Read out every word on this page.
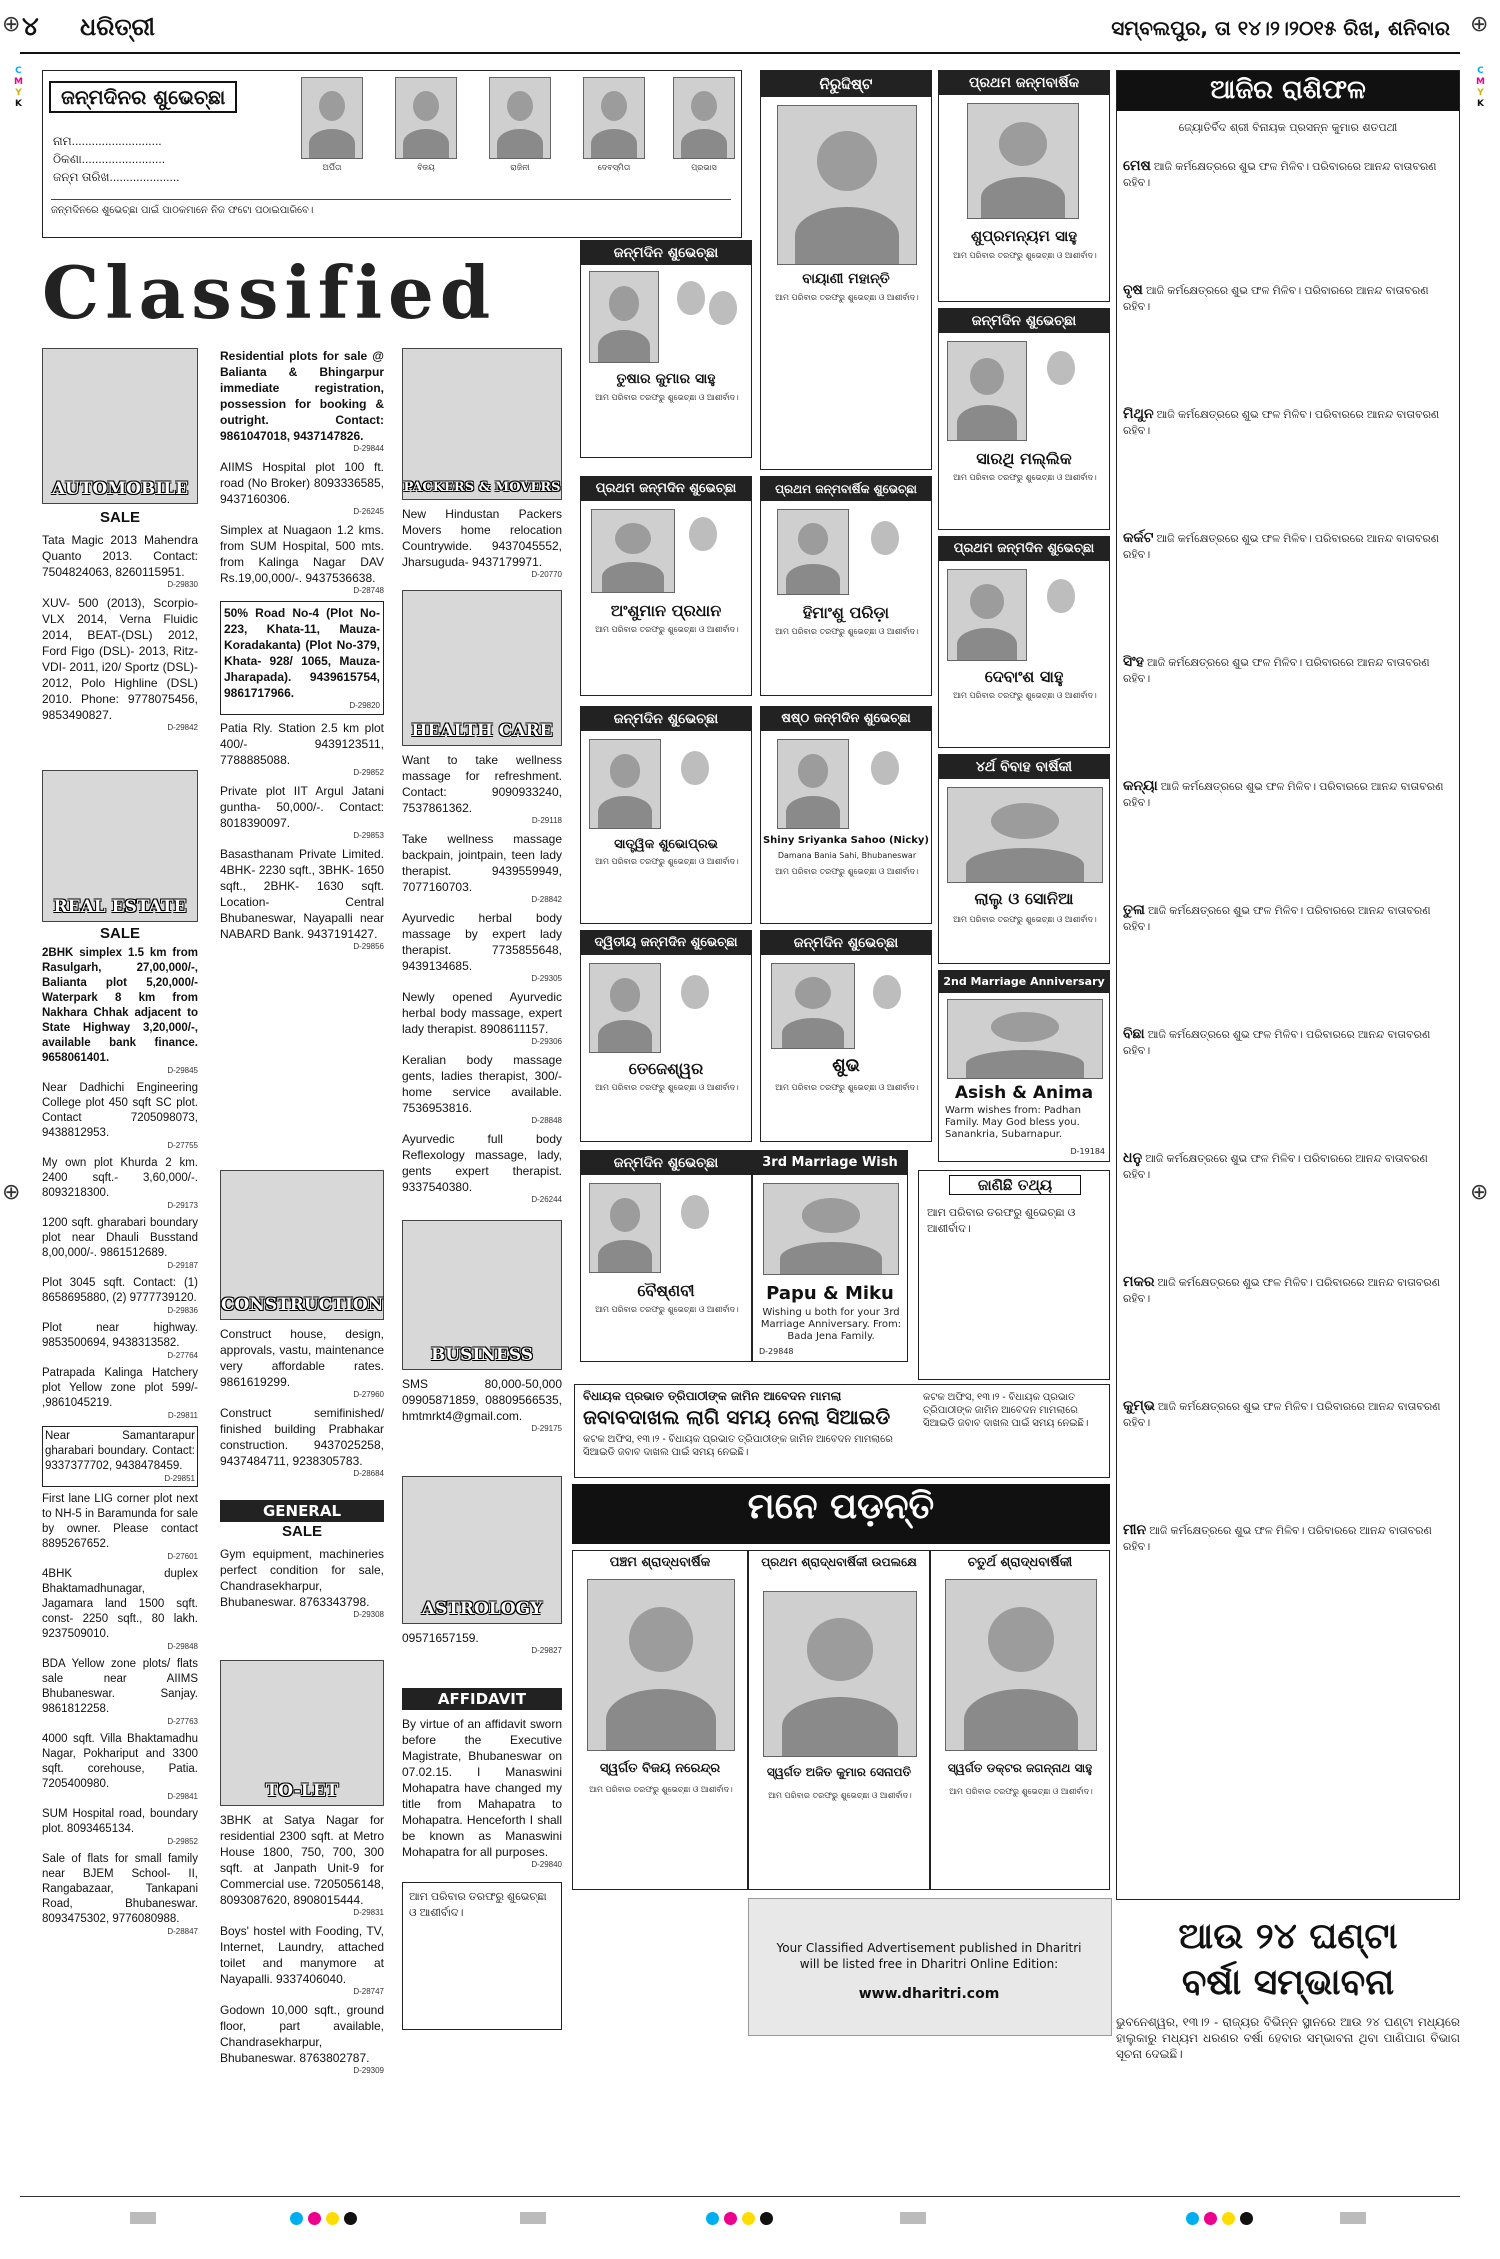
୪ ଧରିତ୍ରୀ	ସମ୍ବଲପୁର, ତା ୧୪।୨।୨୦୧୫ ରିଖ, ଶନିବାର
ଜନ୍ମଦିନର ଶୁଭେଚ୍ଛା
ନାମ...........................
ଠିକଣା.........................
ଜନ୍ମ ତାରିଖ.....................
ଅର୍ପିତା	ବିଜୟ	ରାଜିନୀ	ଦେବସ୍ମିତା	ପ୍ରଭାସ
ଜନ୍ମଦିନରେ ଶୁଭେଚ୍ଛା ପାଇଁ ପାଠକମାନେ ନିଜ ଫଟୋ ପଠାଇପାରିବେ।
Classified
AUTOMOBILE
SALE
Tata Magic 2013 Mahendra Quanto 2013. Contact: 7504824063, 8260115951.
D-29830
XUV- 500 (2013), Scorpio-VLX 2014, Verna Fluidic 2014, BEAT-(DSL) 2012, Ford Figo (DSL)- 2013, Ritz- VDI- 2011, i20/ Sportz (DSL)- 2012, Polo Highline (DSL) 2010. Phone: 9778075456, 9853490827.
D-29842
REAL ESTATE
SALE
2BHK simplex 1.5 km from Rasulgarh, 27,00,000/-, Balianta plot 5,20,000/- Waterpark 8 km from Nakhara Chhak adjacent to State Highway 3,20,000/-, available bank finance. 9658061401.
D-29845
Near Dadhichi Engineering College plot 450 sqft SC plot. Contact 7205098073, 9438812953.
D-27755
My own plot Khurda 2 km. 2400 sqft.- 3,60,000/-. 8093218300.
D-29173
1200 sqft. gharabari boundary plot near Dhauli Busstand 8,00,000/-. 9861512689.
D-29187
Plot 3045 sqft. Contact: (1) 8658695880, (2) 9777739120.
D-29836
Plot near highway. 9853500694, 9438313582.
D-27764
Patrapada Kalinga Hatchery plot Yellow zone plot 599/- ,9861045219.
D-29811
Near Samantarapur gharabari boundary. Contact: 9337377702, 9438478459.
D-29851
First lane LIG corner plot next to NH-5 in Baramunda for sale by owner. Please contact 8895267652.
D-27601
4BHK duplex Bhaktamadhunagar, Jagamara land 1500 sqft. const- 2250 sqft., 80 lakh. 9237509010.
D-29848
BDA Yellow zone plots/ flats sale near AIIMS Bhubaneswar. Sanjay. 9861812258.
D-27763
4000 sqft. Villa Bhaktamadhu Nagar, Pokhariput and 3300 sqft. corehouse, Patia. 7205400980.
D-29841
SUM Hospital road, boundary plot. 8093465134.
D-29852
Sale of flats for small family near BJEM School- II, Rangabazaar, Tankapani Road, Bhubaneswar. 8093475302, 9776080988.
D-28847
Residential plots for sale @ Balianta & Bhingarpur immediate registration, possession for booking & outright. Contact: 9861047018, 9437147826.
D-29844
AIIMS Hospital plot 100 ft. road (No Broker) 8093336585, 9437160306.
D-26245
Simplex at Nuagaon 1.2 kms. from SUM Hospital, 500 mts. from Kalinga Nagar DAV Rs.19,00,000/-. 9437536638.
D-28748
50% Road No-4 (Plot No-223, Khata-11, Mauza-Koradakanta) (Plot No-379, Khata- 928/ 1065, Mauza- Jharapada). 9439615754, 9861717966.
D-29820
Patia Rly. Station 2.5 km plot 400/- 9439123511, 7788885088.
D-29852
Private plot IIT Argul Jatani guntha- 50,000/-. Contact: 8018390097.
D-29853
Basasthanam Private Limited. 4BHK- 2230 sqft., 3BHK- 1650 sqft., 2BHK- 1630 sqft. Location- Central Bhubaneswar, Nayapalli near NABARD Bank. 9437191427.
D-29856
CONSTRUCTION
Construct house, design, approvals, vastu, maintenance very affordable rates. 9861619299.
D-27960
Construct semifinished/ finished building Prabhakar construction. 9437025258, 9437484711, 9238305783.
D-28684
GENERAL
SALE
Gym equipment, machineries perfect condition for sale, Chandrasekharpur, Bhubaneswar. 8763343798.
D-29308
TO-LET
3BHK at Satya Nagar for residential 2300 sqft. at Metro House 1800, 750, 700, 300 sqft. at Janpath Unit-9 for Commercial use. 7205056148, 8093087620, 8908015444.
D-29831
Boys' hostel with Fooding, TV, Internet, Laundry, attached toilet and manymore at Nayapalli. 9337406040.
D-28747
Godown 10,000 sqft., ground floor, part available, Chandrasekharpur, Bhubaneswar. 8763802787.
D-29309
PACKERS & MOVERS
New Hindustan Packers Movers home relocation Countrywide. 9437045552, Jharsuguda- 9437179971.
D-20770
HEALTH CARE
Want to take wellness massage for refreshment. Contact: 9090933240, 7537861362.
D-29118
Take wellness massage backpain, jointpain, teen lady therapist. 9439559949, 7077160703.
D-28842
Ayurvedic herbal body massage by expert lady therapist. 7735855648, 9439134685.
D-29305
Newly opened Ayurvedic herbal body massage, expert lady therapist. 8908611157.
D-29306
Keralian body massage gents, ladies therapist, 300/- home service available. 7536953816.
D-28848
Ayurvedic full body Reflexology massage, lady, gents expert therapist. 9337540380.
D-26244
BUSINESS
SMS 80,000-50,000 09905871859, 08809566535, hmtmrkt4@gmail.com.
D-29175
ASTROLOGY
09571657159.
D-29827
AFFIDAVIT
By virtue of an affidavit sworn before the Executive Magistrate, Bhubaneswar on 07.02.15. I Manaswini Mohapatra have changed my title from Mahapatra to Mohapatra. Henceforth I shall be known as Manaswini Mohapatra for all purposes.
D-29840
ଆମ ପରିବାର ତରଫରୁ ଶୁଭେଚ୍ଛା ଓ ଆଶୀର୍ବାଦ।
ଜନ୍ମଦିନ ଶୁଭେଚ୍ଛା
ତୁଷାର କୁମାର ସାହୁ
ଆମ ପରିବାର ତରଫରୁ ଶୁଭେଚ୍ଛା ଓ ଆଶୀର୍ବାଦ।
ପ୍ରଥମ ଜନ୍ମଦିନ ଶୁଭେଚ୍ଛା
ଅଂଶୁମାନ ପ୍ରଧାନ
ଆମ ପରିବାର ତରଫରୁ ଶୁଭେଚ୍ଛା ଓ ଆଶୀର୍ବାଦ।
ଜନ୍ମଦିନ ଶୁଭେଚ୍ଛା
ସାତ୍ତ୍ୱିକ ଶୁଭୋପ୍ରଭ
ଆମ ପରିବାର ତରଫରୁ ଶୁଭେଚ୍ଛା ଓ ଆଶୀର୍ବାଦ।
ଦ୍ୱିତୀୟ ଜନ୍ମଦିନ ଶୁଭେଚ୍ଛା
ତେଜେଶ୍ୱର
ଆମ ପରିବାର ତରଫରୁ ଶୁଭେଚ୍ଛା ଓ ଆଶୀର୍ବାଦ।
ଜନ୍ମଦିନ ଶୁଭେଚ୍ଛା
ବୈଷ୍ଣବୀ
ଆମ ପରିବାର ତରଫରୁ ଶୁଭେଚ୍ଛା ଓ ଆଶୀର୍ବାଦ।
ନିରୁଦ୍ଦିଷ୍ଟ
ବାୟାଣୀ ମହାନ୍ତି
ଆମ ପରିବାର ତରଫରୁ ଶୁଭେଚ୍ଛା ଓ ଆଶୀର୍ବାଦ।
ପ୍ରଥମ ଜନ୍ମବାର୍ଷିକ ଶୁଭେଚ୍ଛା
ହିମାଂଶୁ ପରିଡ଼ା
ଆମ ପରିବାର ତରଫରୁ ଶୁଭେଚ୍ଛା ଓ ଆଶୀର୍ବାଦ।
ଷଷ୍ଠ ଜନ୍ମଦିନ ଶୁଭେଚ୍ଛା
Shiny Sriyanka Sahoo (Nicky)
Damana Bania Sahi, Bhubaneswar
ଆମ ପରିବାର ତରଫରୁ ଶୁଭେଚ୍ଛା ଓ ଆଶୀର୍ବାଦ।
ଜନ୍ମଦିନ ଶୁଭେଚ୍ଛା
ଶୁଭ
ଆମ ପରିବାର ତରଫରୁ ଶୁଭେଚ୍ଛା ଓ ଆଶୀର୍ବାଦ।
3rd Marriage Wish
Papu & Miku
Wishing u both for your 3rd Marriage Anniversary. From: Bada Jena Family.
D-29848
ପ୍ରଥମ ଜନ୍ମବାର୍ଷିକ
ଶୁପ୍ରମନ୍ୟମ ସାହୁ
ଆମ ପରିବାର ତରଫରୁ ଶୁଭେଚ୍ଛା ଓ ଆଶୀର୍ବାଦ।
ଜନ୍ମଦିନ ଶୁଭେଚ୍ଛା
ସାରଥି ମଲ୍ଲିକ
ଆମ ପରିବାର ତରଫରୁ ଶୁଭେଚ୍ଛା ଓ ଆଶୀର୍ବାଦ।
ପ୍ରଥମ ଜନ୍ମଦିନ ଶୁଭେଚ୍ଛା
ଦେବାଂଶ ସାହୁ
ଆମ ପରିବାର ତରଫରୁ ଶୁଭେଚ୍ଛା ଓ ଆଶୀର୍ବାଦ।
୪ର୍ଥ ବିବାହ ବାର୍ଷିକୀ
ଲାଲୁ ଓ ସୋନିଆ
ଆମ ପରିବାର ତରଫରୁ ଶୁଭେଚ୍ଛା ଓ ଆଶୀର୍ବାଦ।
2nd Marriage Anniversary
Asish & Anima
Warm wishes from: Padhan Family. May God bless you. Sanankria, Subarnapur.
D-19184
ଜାଣିଛି ତଥ୍ୟ
ଆମ ପରିବାର ତରଫରୁ ଶୁଭେଚ୍ଛା ଓ ଆଶୀର୍ବାଦ।
ବିଧାୟକ ପ୍ରଭାତ ତ୍ରିପାଠୀଙ୍କ ଜାମିନ ଆବେଦନ ମାମଲା
ଜବାବଦାଖଲ ଲାଗି ସମୟ ନେଲା ସିଆଇଡି
କଟକ ଅଫିସ, ୧୩।୨ - ବିଧାୟକ ପ୍ରଭାତ ତ୍ରିପାଠୀଙ୍କ ଜାମିନ ଆବେଦନ ମାମଲାରେ ସିଆଇଡି ଜବାବ ଦାଖଲ ପାଇଁ ସମୟ ନେଇଛି।
କଟକ ଅଫିସ, ୧୩।୨ - ବିଧାୟକ ପ୍ରଭାତ ତ୍ରିପାଠୀଙ୍କ ଜାମିନ ଆବେଦନ ମାମଲାରେ ସିଆଇଡି ଜବାବ ଦାଖଲ ପାଇଁ ସମୟ ନେଇଛି।
ମନେ ପଡ଼ନ୍ତି
ପଞ୍ଚମ ଶ୍ରାଦ୍ଧବାର୍ଷିକ
ସ୍ୱର୍ଗତ ବିଜୟ ନରେନ୍ଦ୍ର
ଆମ ପରିବାର ତରଫରୁ ଶୁଭେଚ୍ଛା ଓ ଆଶୀର୍ବାଦ।
ପ୍ରଥମ ଶ୍ରାଦ୍ଧବାର୍ଷିକୀ ଉପଲକ୍ଷେ
ସ୍ୱର୍ଗତ ଅଜିତ କୁମାର ସେନାପତି
ଆମ ପରିବାର ତରଫରୁ ଶୁଭେଚ୍ଛା ଓ ଆଶୀର୍ବାଦ।
ଚତୁର୍ଥ ଶ୍ରାଦ୍ଧବାର୍ଷିକୀ
ସ୍ୱର୍ଗତ ଡକ୍ଟର ଜଗନ୍ନାଥ ସାହୁ
ଆମ ପରିବାର ତରଫରୁ ଶୁଭେଚ୍ଛା ଓ ଆଶୀର୍ବାଦ।
Your Classified Advertisement published in Dharitri will be listed free in Dharitri Online Edition:
www.dharitri.com
ଆଜିର ରାଶିଫଳ
ଜ୍ୟୋତିର୍ବିଦ ଶ୍ରୀ ବିନାୟକ ପ୍ରସନ୍ନ କୁମାର ଶତପଥୀ
ମେଷ ଆଜି କର୍ମକ୍ଷେତ୍ରରେ ଶୁଭ ଫଳ ମିଳିବ। ପରିବାରରେ ଆନନ୍ଦ ବାତାବରଣ ରହିବ।
ବୃଷ ଆଜି କର୍ମକ୍ଷେତ୍ରରେ ଶୁଭ ଫଳ ମିଳିବ। ପରିବାରରେ ଆନନ୍ଦ ବାତାବରଣ ରହିବ।
ମିଥୁନ ଆଜି କର୍ମକ୍ଷେତ୍ରରେ ଶୁଭ ଫଳ ମିଳିବ। ପରିବାରରେ ଆନନ୍ଦ ବାତାବରଣ ରହିବ।
କର୍କଟ ଆଜି କର୍ମକ୍ଷେତ୍ରରେ ଶୁଭ ଫଳ ମିଳିବ। ପରିବାରରେ ଆନନ୍ଦ ବାତାବରଣ ରହିବ।
ସିଂହ ଆଜି କର୍ମକ୍ଷେତ୍ରରେ ଶୁଭ ଫଳ ମିଳିବ। ପରିବାରରେ ଆନନ୍ଦ ବାତାବରଣ ରହିବ।
କନ୍ୟା ଆଜି କର୍ମକ୍ଷେତ୍ରରେ ଶୁଭ ଫଳ ମିଳିବ। ପରିବାରରେ ଆନନ୍ଦ ବାତାବରଣ ରହିବ।
ତୁଳା ଆଜି କର୍ମକ୍ଷେତ୍ରରେ ଶୁଭ ଫଳ ମିଳିବ। ପରିବାରରେ ଆନନ୍ଦ ବାତାବରଣ ରହିବ।
ବିଛା ଆଜି କର୍ମକ୍ଷେତ୍ରରେ ଶୁଭ ଫଳ ମିଳିବ। ପରିବାରରେ ଆନନ୍ଦ ବାତାବରଣ ରହିବ।
ଧନୁ ଆଜି କର୍ମକ୍ଷେତ୍ରରେ ଶୁଭ ଫଳ ମିଳିବ। ପରିବାରରେ ଆନନ୍ଦ ବାତାବରଣ ରହିବ।
ମକର ଆଜି କର୍ମକ୍ଷେତ୍ରରେ ଶୁଭ ଫଳ ମିଳିବ। ପରିବାରରେ ଆନନ୍ଦ ବାତାବରଣ ରହିବ।
କୁମ୍ଭ ଆଜି କର୍ମକ୍ଷେତ୍ରରେ ଶୁଭ ଫଳ ମିଳିବ। ପରିବାରରେ ଆନନ୍ଦ ବାତାବରଣ ରହିବ।
ମୀନ ଆଜି କର୍ମକ୍ଷେତ୍ରରେ ଶୁଭ ଫଳ ମିଳିବ। ପରିବାରରେ ଆନନ୍ଦ ବାତାବରଣ ରହିବ।
ଆଉ ୨୪ ଘଣ୍ଟା
ବର୍ଷା ସମ୍ଭାବନା
ଭୁବନେଶ୍ୱର, ୧୩।୨ - ରାଜ୍ୟର ବିଭିନ୍ନ ସ୍ଥାନରେ ଆଉ ୨୪ ଘଣ୍ଟା ମଧ୍ୟରେ ହାଲୁକାରୁ ମଧ୍ୟମ ଧରଣର ବର୍ଷା ହେବାର ସମ୍ଭାବନା ଥିବା ପାଣିପାଗ ବିଭାଗ ସୂଚନା ଦେଇଛି।
⊕	⊕
⊕
⊕
C
M
Y
K
C
M
Y
K
